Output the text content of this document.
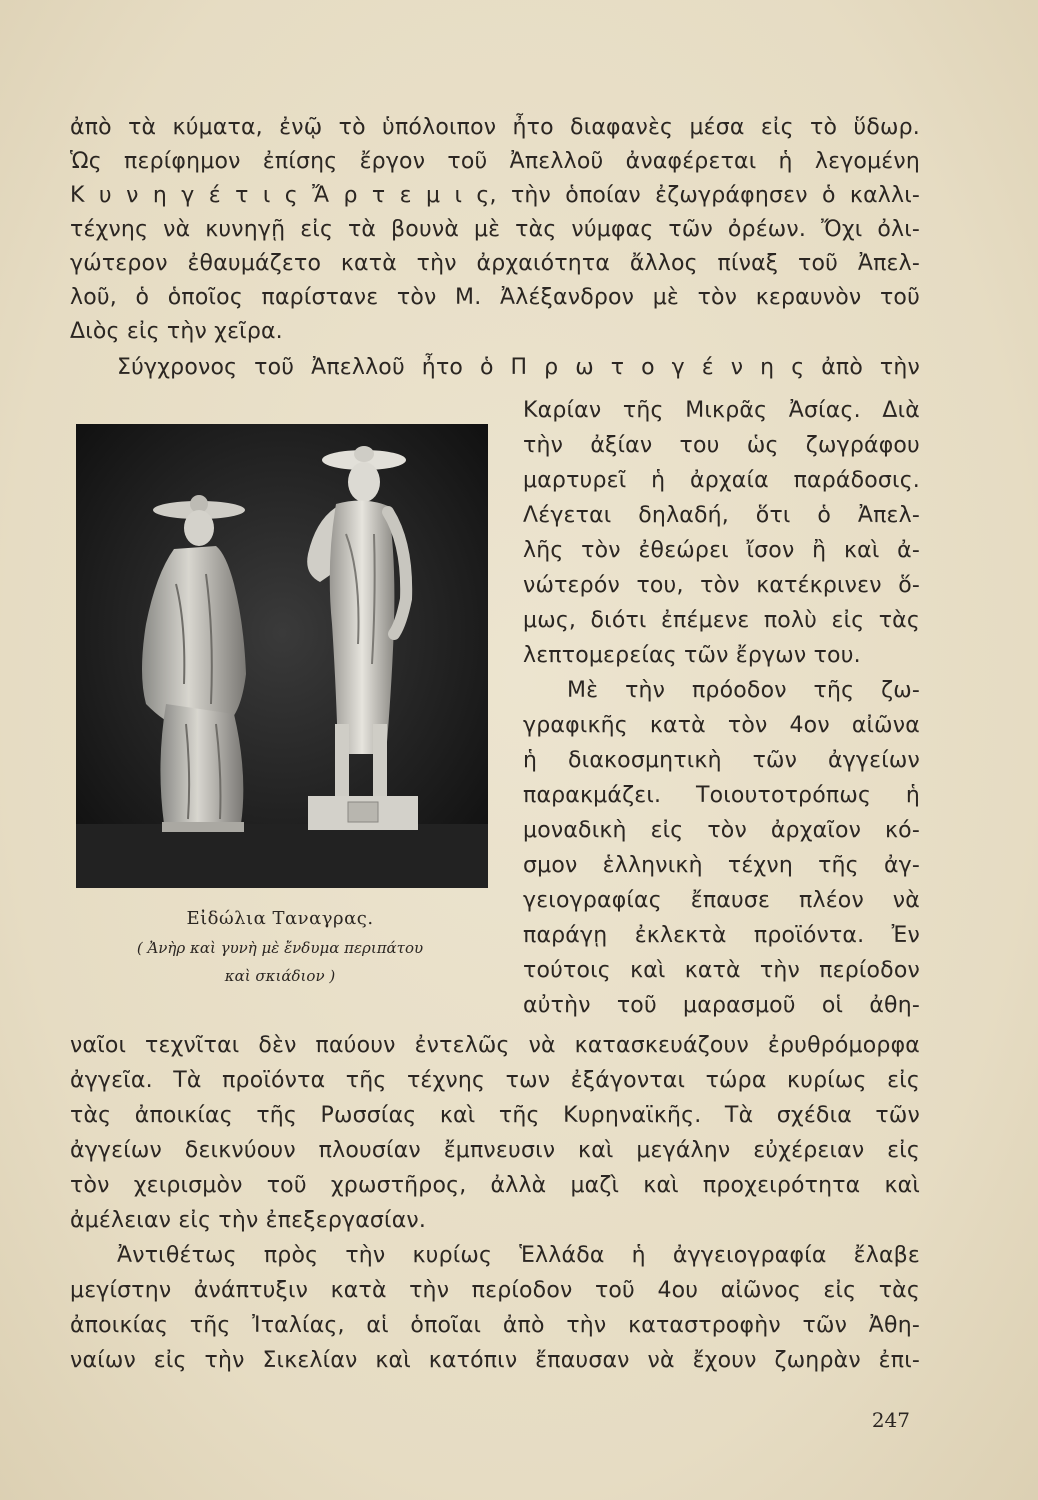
ἀπὸ τὰ κύματα, ἐνῷ τὸ ὑπόλοιπον ἦτο διαφανὲς μέσα εἰς τὸ ὕδωρ.
Ὡς περίφημον ἐπίσης ἔργον τοῦ Ἀπελλοῦ ἀναφέρεται ἡ λεγομένη
Κ υ ν η γ έ τ ι ς Ἄ ρ τ ε μ ι ς, τὴν ὁποίαν ἐζωγράφησεν ὁ καλλι-
τέχνης νὰ κυνηγῇ εἰς τὰ βουνὰ μὲ τὰς νύμφας τῶν ὀρέων. Ὄχι ὀλι-
γώτερον ἐθαυμάζετο κατὰ τὴν ἀρχαιότητα ἄλλος πίναξ τοῦ Ἀπελ-
λοῦ, ὁ ὁποῖος παρίστανε τὸν Μ. Ἀλέξανδρον μὲ τὸν κεραυνὸν τοῦ
Διὸς εἰς τὴν χεῖρα.
Σύγχρονος τοῦ Ἀπελλοῦ ἦτο ὁ Π ρ ω τ ο γ έ ν η ς ἀπὸ τὴν
Καρίαν τῆς Μικρᾶς Ἀσίας. Διὰ
τὴν ἀξίαν του ὡς ζωγράφου
μαρτυρεῖ ἡ ἀρχαία παράδοσις.
Λέγεται δηλαδή, ὅτι ὁ Ἀπελ-
λῆς τὸν ἐθεώρει ἴσον ἢ καὶ ἀ-
νώτερόν του, τὸν κατέκρινεν ὅ-
μως, διότι ἐπέμενε πολὺ εἰς τὰς
λεπτομερείας τῶν ἔργων του.
Μὲ τὴν πρόοδον τῆς ζω-
γραφικῆς κατὰ τὸν 4ον αἰῶνα
ἡ διακοσμητικὴ τῶν ἀγγείων
παρακμάζει. Τοιουτοτρόπως ἡ
μοναδικὴ εἰς τὸν ἀρχαῖον κό-
σμον ἑλληνικὴ τέχνη τῆς ἀγ-
γειογραφίας ἔπαυσε πλέον νὰ
παράγῃ ἐκλεκτὰ προϊόντα. Ἐν
τούτοις καὶ κατὰ τὴν περίοδον
αὐτὴν τοῦ μαρασμοῦ οἱ ἀθη-
Εἰδώλια Ταναγρας.
( Ἀνὴρ καὶ γυνὴ μὲ ἔνδυμα περιπάτου
καὶ σκιάδιον )
ναῖοι τεχνῖται δὲν παύουν ἐντελῶς νὰ κατασκευάζουν ἐρυθρόμορφα
ἀγγεῖα. Τὰ προϊόντα τῆς τέχνης των ἐξάγονται τώρα κυρίως εἰς
τὰς ἀποικίας τῆς Ρωσσίας καὶ τῆς Κυρηναϊκῆς. Τὰ σχέδια τῶν
ἀγγείων δεικνύουν πλουσίαν ἔμπνευσιν καὶ μεγάλην εὐχέρειαν εἰς
τὸν χειρισμὸν τοῦ χρωστῆρος, ἀλλὰ μαζὶ καὶ προχειρότητα καὶ
ἀμέλειαν εἰς τὴν ἐπεξεργασίαν.
Ἀντιθέτως πρὸς τὴν κυρίως Ἑλλάδα ἡ ἀγγειογραφία ἔλαβε
μεγίστην ἀνάπτυξιν κατὰ τὴν περίοδον τοῦ 4ου αἰῶνος εἰς τὰς
ἀποικίας τῆς Ἰταλίας, αἱ ὁποῖαι ἀπὸ τὴν καταστροφὴν τῶν Ἀθη-
ναίων εἰς τὴν Σικελίαν καὶ κατόπιν ἔπαυσαν νὰ ἔχουν ζωηρὰν ἐπι-
247
